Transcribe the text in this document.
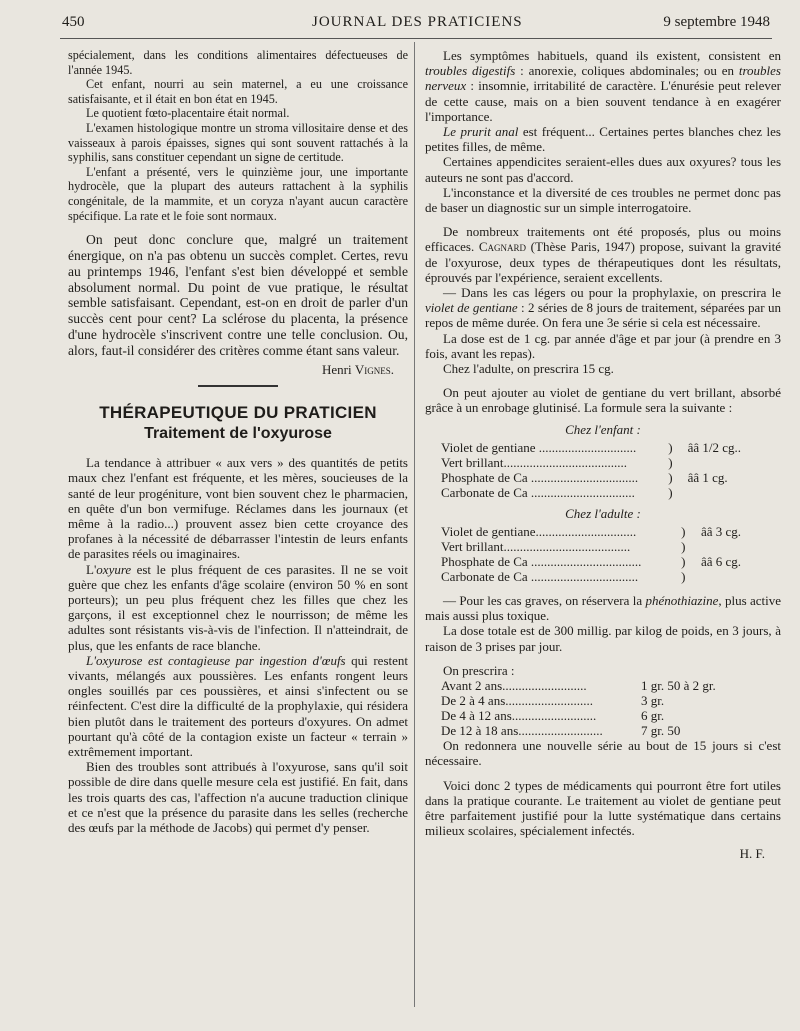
450	JOURNAL DES PRATICIENS	9 septembre 1948

spécialement, dans les conditions alimentaires défectueuses de l'année 1945.

Cet enfant, nourri au sein maternel, a eu une croissance satisfaisante, et il était en bon état en 1945.

Le quotient fœto-placentaire était normal.

L'examen histologique montre un stroma villositaire dense et des vaisseaux à parois épaisses, signes qui sont souvent rattachés à la syphilis, sans constituer cependant un signe de certitude.

L'enfant a présenté, vers le quinzième jour, une importante hydrocèle, que la plupart des auteurs rattachent à la syphilis congénitale, de la mammite, et un coryza n'ayant aucun caractère spécifique. La rate et le foie sont normaux.

On peut donc conclure que, malgré un traitement énergique, on n'a pas obtenu un succès complet. Certes, revu au printemps 1946, l'enfant s'est bien développé et semble absolument normal. Du point de vue pratique, le résultat semble satisfaisant. Cependant, est-on en droit de parler d'un succès cent pour cent? La sclérose du placenta, la présence d'une hydrocèle s'inscrivent contre une telle conclusion. Ou, alors, faut-il considérer des critères comme étant sans valeur.

Henri Vignes.
THÉRAPEUTIQUE DU PRATICIEN
Traitement de l'oxyurose

La tendance à attribuer « aux vers » des quantités de petits maux chez l'enfant est fréquente, et les mères, soucieuses de la santé de leur progéniture, vont bien souvent chez le pharmacien, en quête d'un bon vermifuge. Réclames dans les journaux (et même à la radio...) prouvent assez bien cette croyance des profanes à la nécessité de débarrasser l'intestin de leurs enfants de parasites réels ou imaginaires.

L'oxyure est le plus fréquent de ces parasites. Il ne se voit guère que chez les enfants d'âge scolaire (environ 50 % en sont porteurs); un peu plus fréquent chez les filles que chez les garçons, il est exceptionnel chez le nourrisson; de même les adultes sont résistants vis-à-vis de l'infection. Il n'atteindrait, de plus, que les enfants de race blanche.

L'oxyurose est contagieuse par ingestion d'œufs qui restent vivants, mélangés aux poussières. Les enfants rongent leurs ongles souillés par ces poussières, et ainsi s'infectent ou se réinfectent. C'est dire la difficulté de la prophylaxie, qui résidera bien plutôt dans le traitement des porteurs d'oxyures. On admet pourtant qu'à côté de la contagion existe un facteur « terrain » extrêmement important.

Bien des troubles sont attribués à l'oxyurose, sans qu'il soit possible de dire dans quelle mesure cela est justifié. En fait, dans les trois quarts des cas, l'affection n'a aucune traduction clinique et ce n'est que la présence du parasite dans les selles (recherche des œufs par la méthode de Jacobs) qui permet d'y penser.

Les symptômes habituels, quand ils existent, consistent en troubles digestifs : anorexie, coliques abdominales; ou en troubles nerveux : insomnie, irritabilité de caractère. L'énurésie peut relever de cette cause, mais on a bien souvent tendance à en exagérer l'importance.

Le prurit anal est fréquent... Certaines pertes blanches chez les petites filles, de même.

Certaines appendicites seraient-elles dues aux oxyures? tous les auteurs ne sont pas d'accord.

L'inconstance et la diversité de ces troubles ne permet donc pas de baser un diagnostic sur un simple interrogatoire.

De nombreux traitements ont été proposés, plus ou moins efficaces. Cagnard (Thèse Paris, 1947) propose, suivant la gravité de l'oxyurose, deux types de thérapeutiques dont les résultats, éprouvés par l'expérience, seraient excellents.

— Dans les cas légers ou pour la prophylaxie, on prescrira le violet de gentiane : 2 séries de 8 jours de traitement, séparées par un repos de même durée. On fera une 3e série si cela est nécessaire.

La dose est de 1 cg. par année d'âge et par jour (à prendre en 3 fois, avant les repas).

Chez l'adulte, on prescrira 15 cg.

On peut ajouter au violet de gentiane du vert brillant, absorbé grâce à un enrobage glutinisé. La formule sera la suivante :

Chez l'enfant :
Violet de gentiane ..............................	)	ââ 1/2 cg..
Vert brillant......................................	)	
Phosphate de Ca .................................	)	ââ 1 cg.
Carbonate de Ca ................................	)	
Chez l'adulte :
Violet de gentiane...............................	)	ââ 3 cg.
Vert brillant.......................................	)	
Phosphate de Ca ..................................	)	ââ 6 cg.
Carbonate de Ca .................................	)	

— Pour les cas graves, on réservera la phénothiazine, plus active mais aussi plus toxique.

La dose totale est de 300 millig. par kilog de poids, en 3 jours, à raison de 3 prises par jour.

On prescrira :

Avant 2 ans..........................	1 gr. 50 à 2 gr.
De 2 à 4 ans...........................	3 gr.
De 4 à 12 ans..........................	6 gr.
De 12 à 18 ans..........................	7 gr. 50

On redonnera une nouvelle série au bout de 15 jours si c'est nécessaire.

Voici donc 2 types de médicaments qui pourront être fort utiles dans la pratique courante. Le traitement au violet de gentiane peut être parfaitement justifié pour la lutte systématique dans certains milieux scolaires, spécialement infectés.

H. F.
